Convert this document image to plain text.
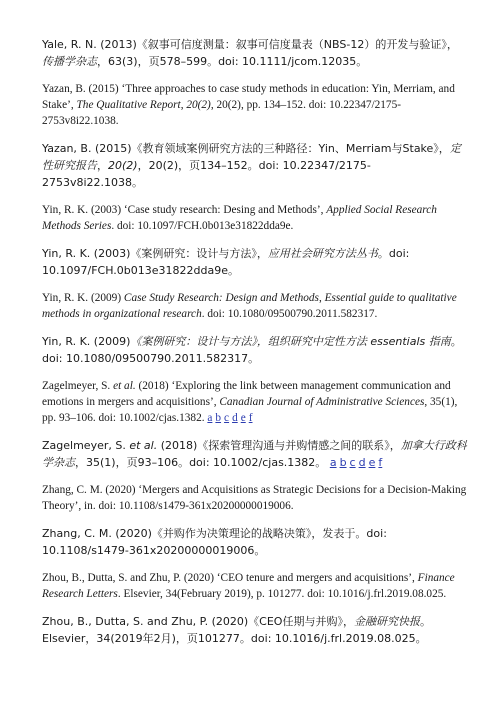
Yale, R. N. (2013)《叙事可信度测量：叙事可信度量表（NBS-12）的开发与验证》，传播学杂志，63(3)，页578–599。doi: 10.1111/jcom.12035。

Yazan, B. (2015) ‘Three approaches to case study methods in education: Yin, Merriam, and Stake’, The Qualitative Report, 20(2), 20(2), pp. 134–152. doi: 10.22347/2175-2753v8i22.1038.

Yazan, B. (2015)《教育领域案例研究方法的三种路径：Yin、Merriam与Stake》，定性研究报告，20(2)，20(2)，页134–152。doi: 10.22347/2175-2753v8i22.1038。

Yin, R. K. (2003) ‘Case study research: Desing and Methods’, Applied Social Research Methods Series. doi: 10.1097/FCH.0b013e31822dda9e.

Yin, R. K. (2003)《案例研究：设计与方法》，应用社会研究方法丛书。doi: 10.1097/FCH.0b013e31822dda9e。

Yin, R. K. (2009) Case Study Research: Design and Methods, Essential guide to qualitative methods in organizational research. doi: 10.1080/09500790.2011.582317.

Yin, R. K. (2009)《案例研究：设计与方法》，组织研究中定性方法 essentials 指南。doi: 10.1080/09500790.2011.582317。

Zagelmeyer, S. et al. (2018) ‘Exploring the link between management communication and emotions in mergers and acquisitions’, Canadian Journal of Administrative Sciences, 35(1), pp. 93–106. doi: 10.1002/cjas.1382. a b c d e f

Zagelmeyer, S. et al. (2018)《探索管理沟通与并购情感之间的联系》，加拿大行政科学杂志，35(1)，页93–106。doi: 10.1002/cjas.1382。 a b c d e f

Zhang, C. M. (2020) ‘Mergers and Acquisitions as Strategic Decisions for a Decision-Making Theory’, in. doi: 10.1108/s1479-361x20200000019006.

Zhang, C. M. (2020)《并购作为决策理论的战略决策》，发表于。doi: 10.1108/s1479-361x20200000019006。

Zhou, B., Dutta, S. and Zhu, P. (2020) ‘CEO tenure and mergers and acquisitions’, Finance Research Letters. Elsevier, 34(February 2019), p. 101277. doi: 10.1016/j.frl.2019.08.025.

Zhou, B., Dutta, S. and Zhu, P. (2020)《CEO任期与并购》，金融研究快报。Elsevier，34(2019年2月)，页101277。doi: 10.1016/j.frl.2019.08.025。
